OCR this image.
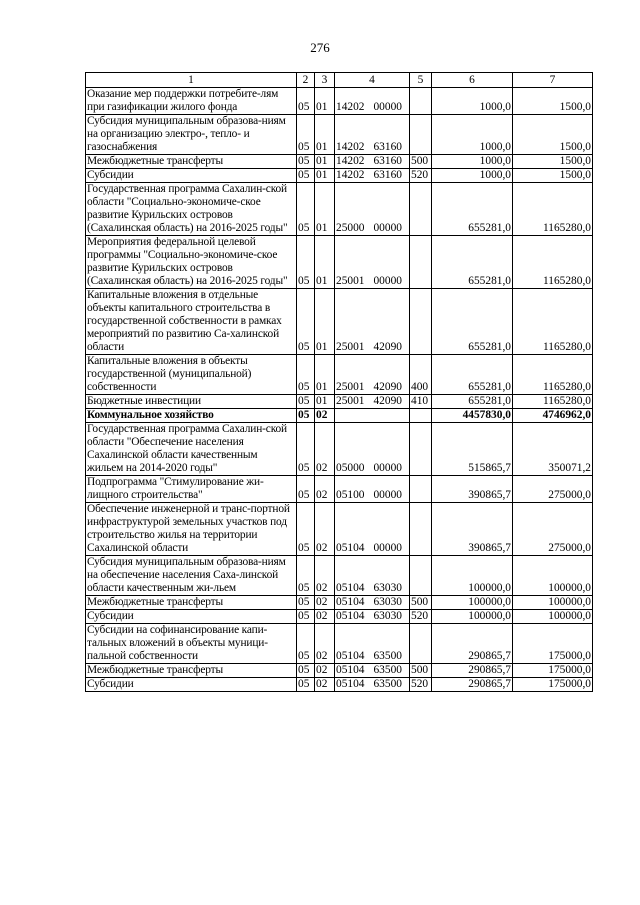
276
1	2	3	4	5	6	7
Оказание мер поддержки потребите-лям при газификации жилого фонда	05	01	14202 00000		1000,0	1500,0
Субсидия муниципальным образова-ниям на организацию электро-, тепло- и газоснабжения	05	01	14202 63160		1000,0	1500,0
Межбюджетные трансферты	05	01	14202 63160	500	1000,0	1500,0
Субсидии	05	01	14202 63160	520	1000,0	1500,0
Государственная программа Сахалин-ской области "Социально-экономиче-ское развитие Курильских островов (Сахалинская область) на 2016-2025 годы"	05	01	25000 00000		655281,0	1165280,0
Мероприятия федеральной целевой программы "Социально-экономиче-ское развитие Курильских островов (Сахалинская область) на 2016-2025 годы"	05	01	25001 00000		655281,0	1165280,0
Капитальные вложения в отдельные объекты капитального строительства в государственной собственности в рамках мероприятий по развитию Са-халинской области	05	01	25001 42090		655281,0	1165280,0
Капитальные вложения в объекты государственной (муниципальной) собственности	05	01	25001 42090	400	655281,0	1165280,0
Бюджетные инвестиции	05	01	25001 42090	410	655281,0	1165280,0
Коммунальное хозяйство	05	02			4457830,0	4746962,0
Государственная программа Сахалин-ской области "Обеспечение населения Сахалинской области качественным жильем на 2014-2020 годы"	05	02	05000 00000		515865,7	350071,2
Подпрограмма "Стимулирование жи-лищного строительства"	05	02	05100 00000		390865,7	275000,0
Обеспечение инженерной и транс-портной инфраструктурой земельных участков под строительство жилья на территории Сахалинской области	05	02	05104 00000		390865,7	275000,0
Субсидия муниципальным образова-ниям на обеспечение населения Саха-линской области качественным жи-льем	05	02	05104 63030		100000,0	100000,0
Межбюджетные трансферты	05	02	05104 63030	500	100000,0	100000,0
Субсидии	05	02	05104 63030	520	100000,0	100000,0
Субсидии на софинансирование капи-тальных вложений в объекты муници-пальной собственности	05	02	05104 63500		290865,7	175000,0
Межбюджетные трансферты	05	02	05104 63500	500	290865,7	175000,0
Субсидии	05	02	05104 63500	520	290865,7	175000,0
